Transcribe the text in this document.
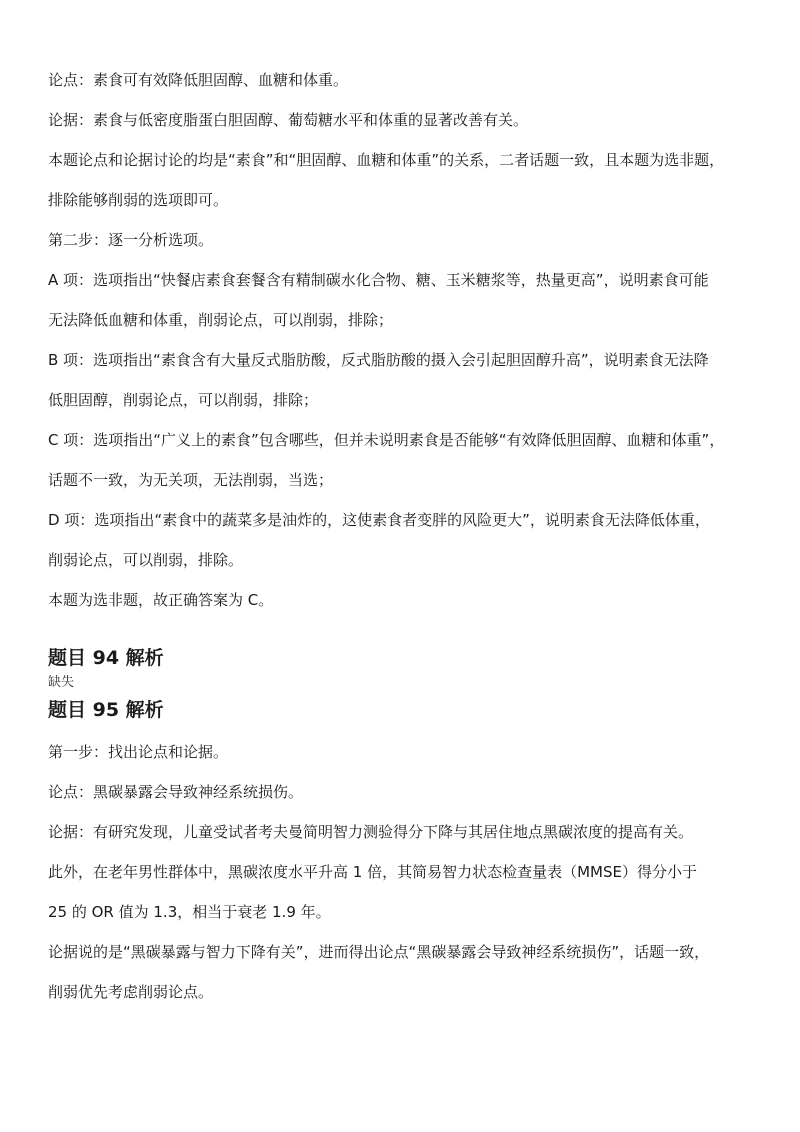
论点：素食可有效降低胆固醇、血糖和体重。

论据：素食与低密度脂蛋白胆固醇、葡萄糖水平和体重的显著改善有关。

本题论点和论据讨论的均是“素食”和“胆固醇、血糖和体重”的关系，二者话题一致，且本题为选非题，

排除能够削弱的选项即可。

第二步：逐一分析选项。

A 项：选项指出“快餐店素食套餐含有精制碳水化合物、糖、玉米糖浆等，热量更高”，说明素食可能

无法降低血糖和体重，削弱论点，可以削弱，排除；

B 项：选项指出“素食含有大量反式脂肪酸，反式脂肪酸的摄入会引起胆固醇升高”，说明素食无法降

低胆固醇，削弱论点，可以削弱，排除；

C 项：选项指出“广义上的素食”包含哪些，但并未说明素食是否能够“有效降低胆固醇、血糖和体重”，

话题不一致，为无关项，无法削弱，当选；

D 项：选项指出“素食中的蔬菜多是油炸的，这使素食者变胖的风险更大”，说明素食无法降低体重，

削弱论点，可以削弱，排除。

本题为选非题，故正确答案为 C。

题目 94 解析

缺失

题目 95 解析

第一步：找出论点和论据。

论点：黑碳暴露会导致神经系统损伤。

论据：有研究发现，儿童受试者考夫曼简明智力测验得分下降与其居住地点黑碳浓度的提高有关。

此外，在老年男性群体中，黑碳浓度水平升高 1 倍，其简易智力状态检查量表（MMSE）得分小于

25 的 OR 值为 1.3，相当于衰老 1.9 年。

论据说的是“黑碳暴露与智力下降有关”，进而得出论点“黑碳暴露会导致神经系统损伤”，话题一致，

削弱优先考虑削弱论点。
